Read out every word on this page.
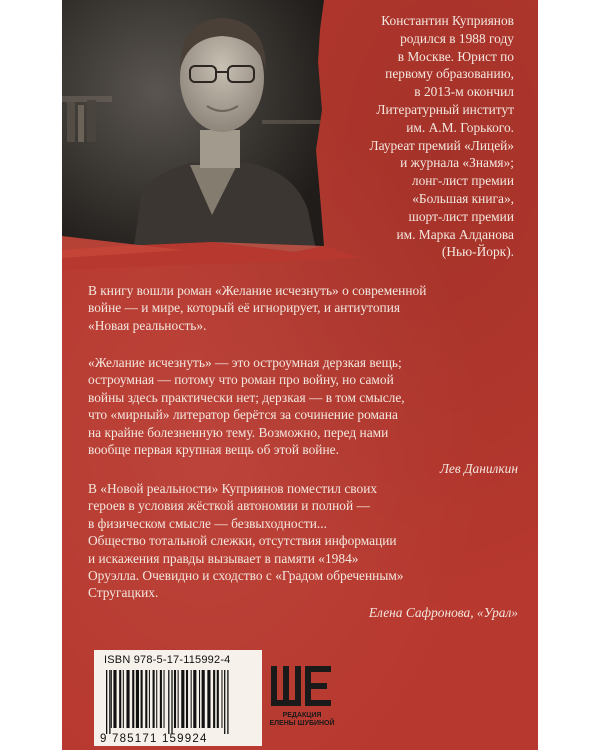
Константин Куприянов

родился в 1988 году

в Москве. Юрист по

первому образованию,

в 2013-м окончил

Литературный институт

им. А.М. Горького.

Лауреат премий «Лицей»

и журнала «Знамя»;

лонг-лист премии

«Большая книга»,

шорт-лист премии

им. Марка Алданова

(Нью-Йорк).

В книгу вошли роман «Желание исчезнуть» о современной

войне — и мире, который её игнорирует, и антиутопия

«Новая реальность».

«Желание исчезнуть» — это остроумная дерзкая вещь;

остроумная — потому что роман про войну, но самой

войны здесь практически нет; дерзкая — в том смысле,

что «мирный» литератор берётся за сочинение романа

на крайне болезненную тему. Возможно, перед нами

вообще первая крупная вещь об этой войне.

Лев Данилкин

В «Новой реальности» Куприянов поместил своих

героев в условия жёсткой автономии и полной —

в физическом смысле — безвыходности...

Общество тотальной слежки, отсутствия информации

и искажения правды вызывает в памяти «1984»

Оруэлла. Очевидно и сходство с «Градом обреченным»

Стругацких.

Елена Сафронова, «Урал»

ISBN 978-5-17-115992-4
9 785171 159924
РЕДАКЦИЯ
ЕЛЕНЫ ШУБИНОЙ
